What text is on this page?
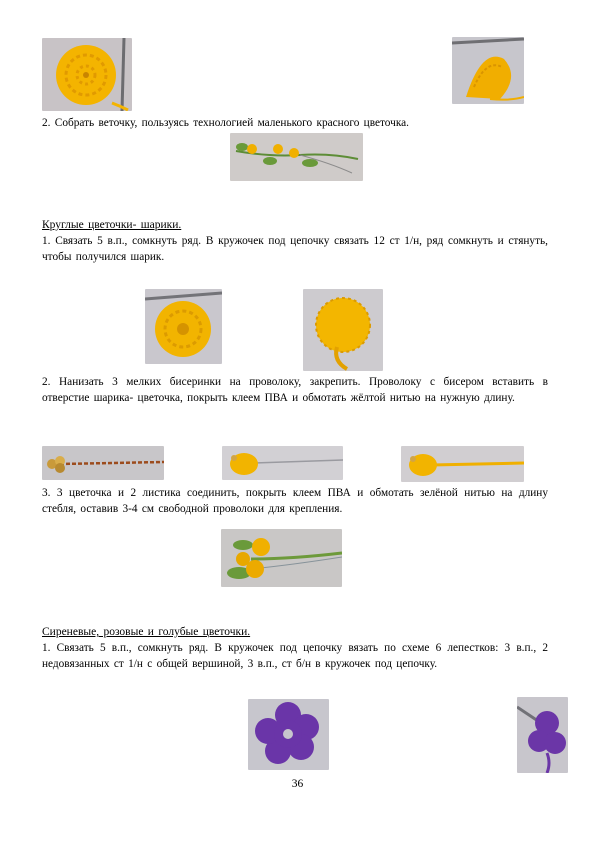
2. Собрать веточку, пользуясь технологией маленького красного цветочка.

Круглые цветочки- шарики.

1. Связать 5 в.п., сомкнуть ряд. В кружочек под цепочку связать 12 ст 1/н, ряд сомкнуть и стянуть, чтобы получился шарик.

2. Нанизать 3 мелких бисеринки на проволоку, закрепить. Проволоку с бисером вставить в отверстие шарика- цветочка, покрыть клеем ПВА и обмотать жёлтой нитью на нужную длину.

3. 3 цветочка и 2 листика соединить, покрыть клеем ПВА и обмотать зелёной нитью на длину стебля, оставив 3-4 см свободной проволоки для крепления.

Сиреневые, розовые и голубые цветочки.

1. Связать 5 в.п., сомкнуть ряд. В кружочек под цепочку вязать по схеме 6 лепестков: 3 в.п., 2 недовязанных ст 1/н с общей вершиной, 3 в.п., ст б/н в кружочек под цепочку.

36
